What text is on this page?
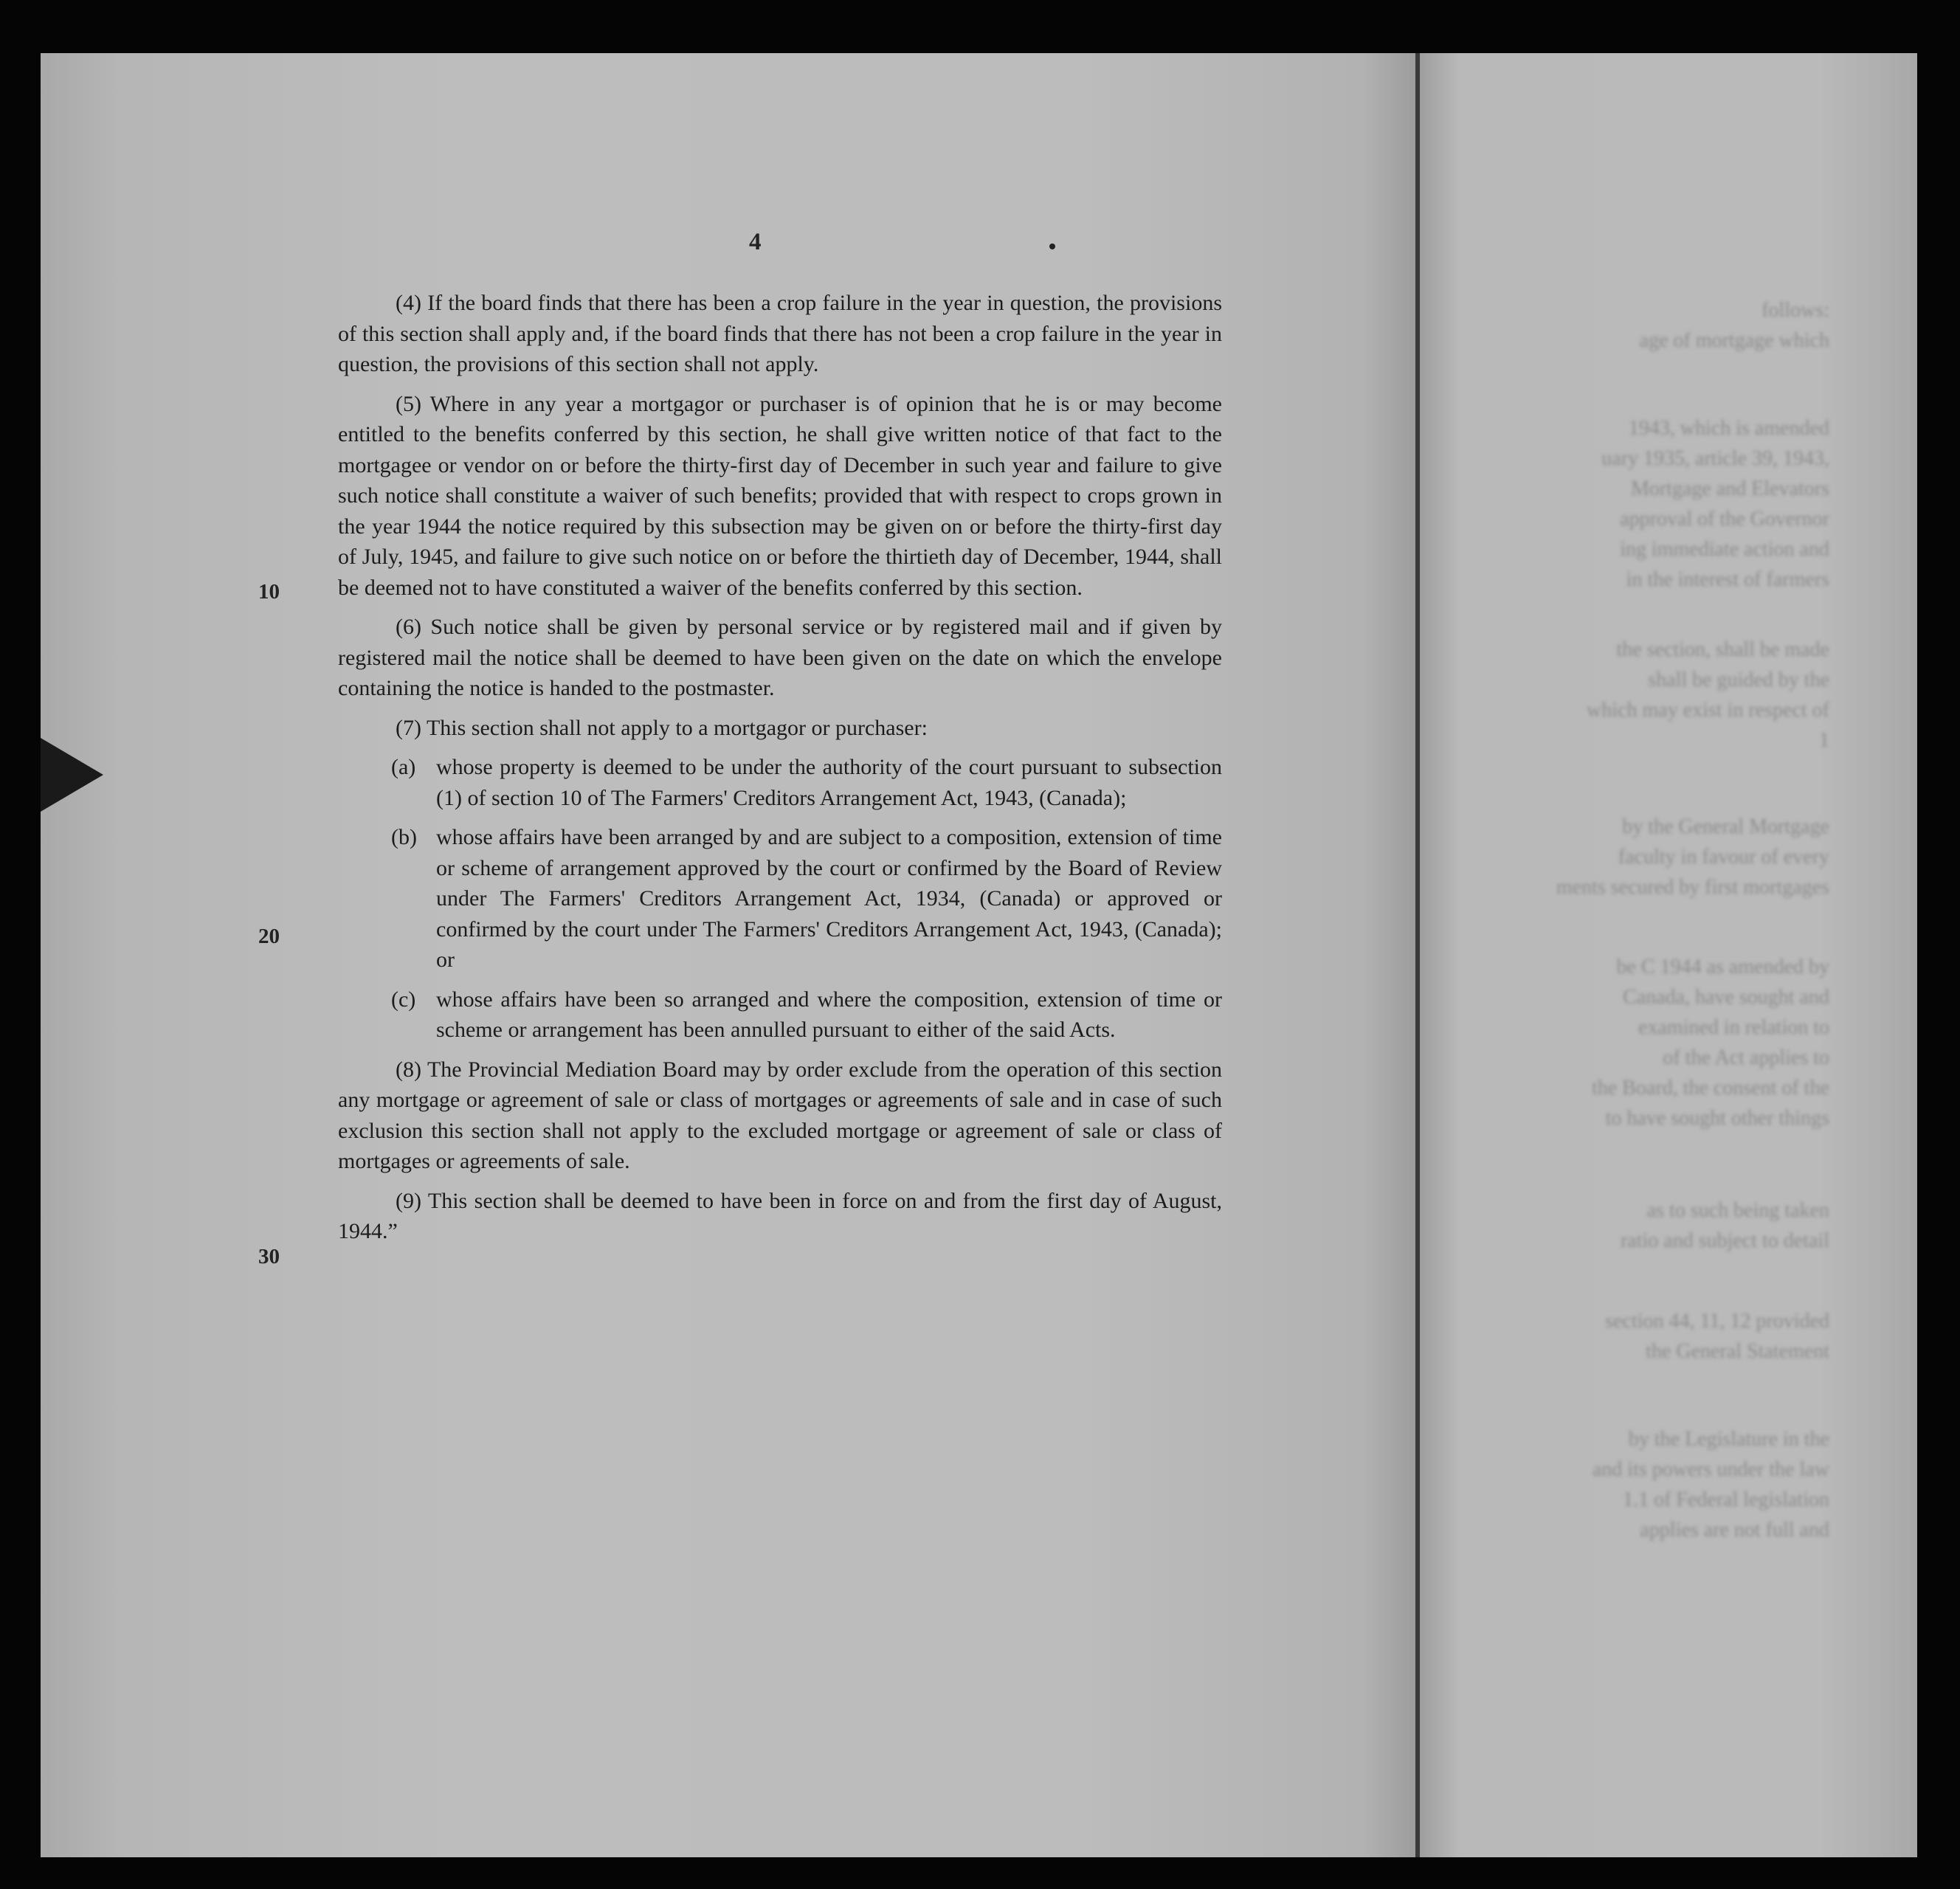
follows:
age of mortgage which
1943, which is amended
uary 1935, article 39, 1943,
Mortgage and Elevators
approval of the Governor
ing immediate action and
in the interest of farmers
the section, shall be made
shall be guided by the
which may exist in respect of
1
by the General Mortgage
faculty in favour of every
ments secured by first mortgages
be C 1944 as amended by
Canada, have sought and
examined in relation to
of the Act applies to
the Board, the consent of the
to have sought other things
as to such being taken
ratio and subject to detail
section 44, 11, 12 provided
the General Statement
by the Legislature in the
and its powers under the law
1.1 of Federal legislation
applies are not full and
4
10
20
30

(4) If the board finds that there has been a crop failure in the year in question, the provisions of this section shall apply and, if the board finds that there has not been a crop failure in the year in question, the provisions of this section shall not apply.

(5) Where in any year a mortgagor or purchaser is of opinion that he is or may become entitled to the benefits conferred by this section, he shall give written notice of that fact to the mortgagee or vendor on or before the thirty-first day of December in such year and failure to give such notice shall constitute a waiver of such benefits; provided that with respect to crops grown in the year 1944 the notice required by this subsection may be given on or before the thirty-first day of July, 1945, and failure to give such notice on or before the thirtieth day of December, 1944, shall be deemed not to have constituted a waiver of the benefits conferred by this section.

(6) Such notice shall be given by personal service or by registered mail and if given by registered mail the notice shall be deemed to have been given on the date on which the envelope containing the notice is handed to the postmaster.

(7) This section shall not apply to a mortgagor or purchaser:

(a) whose property is deemed to be under the authority of the court pursuant to subsection (1) of section 10 of The Farmers' Creditors Arrangement Act, 1943, (Canada);
(b) whose affairs have been arranged by and are subject to a composition, extension of time or scheme of arrangement approved by the court or confirmed by the Board of Review under The Farmers' Creditors Arrangement Act, 1934, (Canada) or approved or confirmed by the court under The Farmers' Creditors Arrangement Act, 1943, (Canada); or
(c) whose affairs have been so arranged and where the composition, extension of time or scheme or arrangement has been annulled pursuant to either of the said Acts.

(8) The Provincial Mediation Board may by order exclude from the operation of this section any mortgage or agreement of sale or class of mortgages or agreements of sale and in case of such exclusion this section shall not apply to the excluded mortgage or agreement of sale or class of mortgages or agreements of sale.

(9) This section shall be deemed to have been in force on and from the first day of August, 1944.”
